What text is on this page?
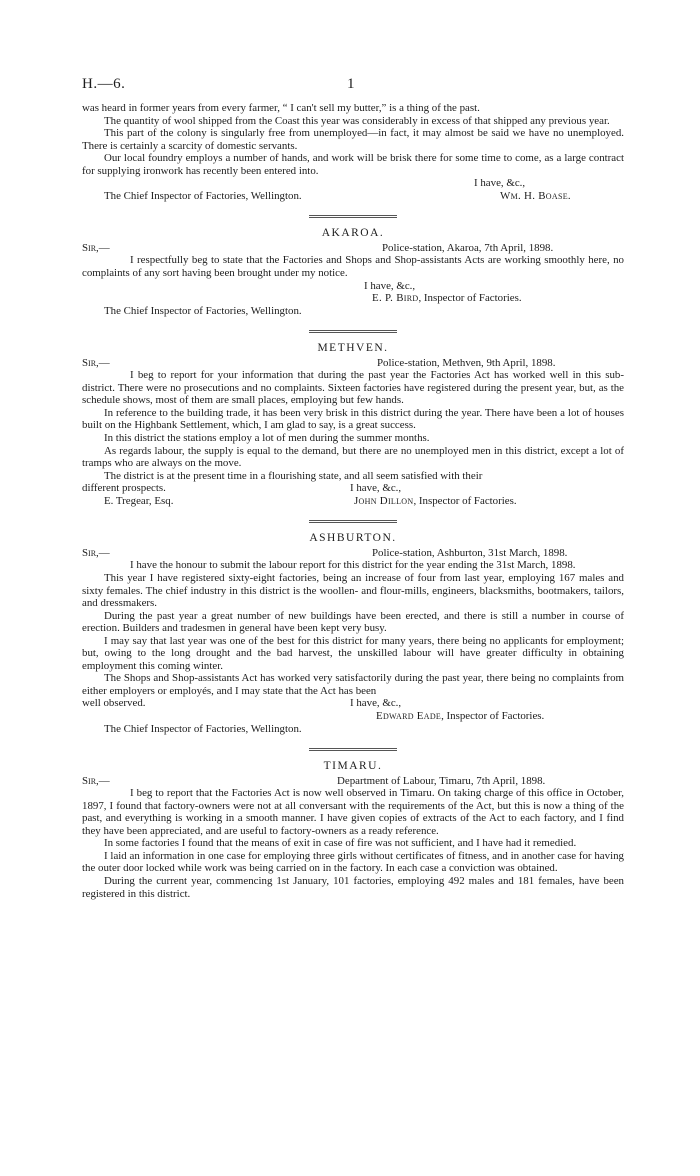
H.—6.	1

was heard in former years from every farmer, “ I can't sell my butter,” is a thing of the past.

The quantity of wool shipped from the Coast this year was considerably in excess of that shipped any previous year.

This part of the colony is singularly free from unemployed—in fact, it may almost be said we have no unemployed. There is certainly a scarcity of domestic servants.

Our local foundry employs a number of hands, and work will be brisk there for some time to come, as a large contract for supplying ironwork has recently been entered into.

I have, &c.,
The Chief Inspector of Factories, Wellington.	Wm. H. Boase.
AKAROA.
Sir,—	Police-station, Akaroa, 7th April, 1898.

I respectfully beg to state that the Factories and Shops and Shop-assistants Acts are working smoothly here, no complaints of any sort having been brought under my notice.

I have, &c.,
E. P. Bird, Inspector of Factories.
The Chief Inspector of Factories, Wellington.
METHVEN.
Sir,—	Police-station, Methven, 9th April, 1898.

I beg to report for your information that during the past year the Factories Act has worked well in this sub-district. There were no prosecutions and no complaints. Sixteen factories have registered during the present year, but, as the schedule shows, most of them are small places, employing but few hands.

In reference to the building trade, it has been very brisk in this district during the year. There have been a lot of houses built on the Highbank Settlement, which, I am glad to say, is a great success.

In this district the stations employ a lot of men during the summer months.

As regards labour, the supply is equal to the demand, but there are no unemployed men in this district, except a lot of tramps who are always on the move.

The district is at the present time in a flourishing state, and all seem satisfied with their

different prospects.	I have, &c.,
E. Tregear, Esq.	John Dillon, Inspector of Factories.
ASHBURTON.
Sir,—	Police-station, Ashburton, 31st March, 1898.

I have the honour to submit the labour report for this district for the year ending the 31st March, 1898.

This year I have registered sixty-eight factories, being an increase of four from last year, employing 167 males and sixty females. The chief industry in this district is the woollen- and flour-mills, engineers, blacksmiths, bootmakers, tailors, and dressmakers.

During the past year a great number of new buildings have been erected, and there is still a number in course of erection. Builders and tradesmen in general have been kept very busy.

I may say that last year was one of the best for this district for many years, there being no applicants for employment; but, owing to the long drought and the bad harvest, the unskilled labour will have greater difficulty in obtaining employment this coming winter.

The Shops and Shop-assistants Act has worked very satisfactorily during the past year, there being no complaints from either employers or employés, and I may state that the Act has been

well observed.	I have, &c.,
Edward Eade, Inspector of Factories.
The Chief Inspector of Factories, Wellington.
TIMARU.
Sir,—	Department of Labour, Timaru, 7th April, 1898.

I beg to report that the Factories Act is now well observed in Timaru. On taking charge of this office in October, 1897, I found that factory-owners were not at all conversant with the requirements of the Act, but this is now a thing of the past, and everything is working in a smooth manner. I have given copies of extracts of the Act to each factory, and I find they have been appreciated, and are useful to factory-owners as a ready reference.

In some factories I found that the means of exit in case of fire was not sufficient, and I have had it remedied.

I laid an information in one case for employing three girls without certificates of fitness, and in another case for having the outer door locked while work was being carried on in the factory. In each case a conviction was obtained.

During the current year, commencing 1st January, 101 factories, employing 492 males and 181 females, have been registered in this district.
